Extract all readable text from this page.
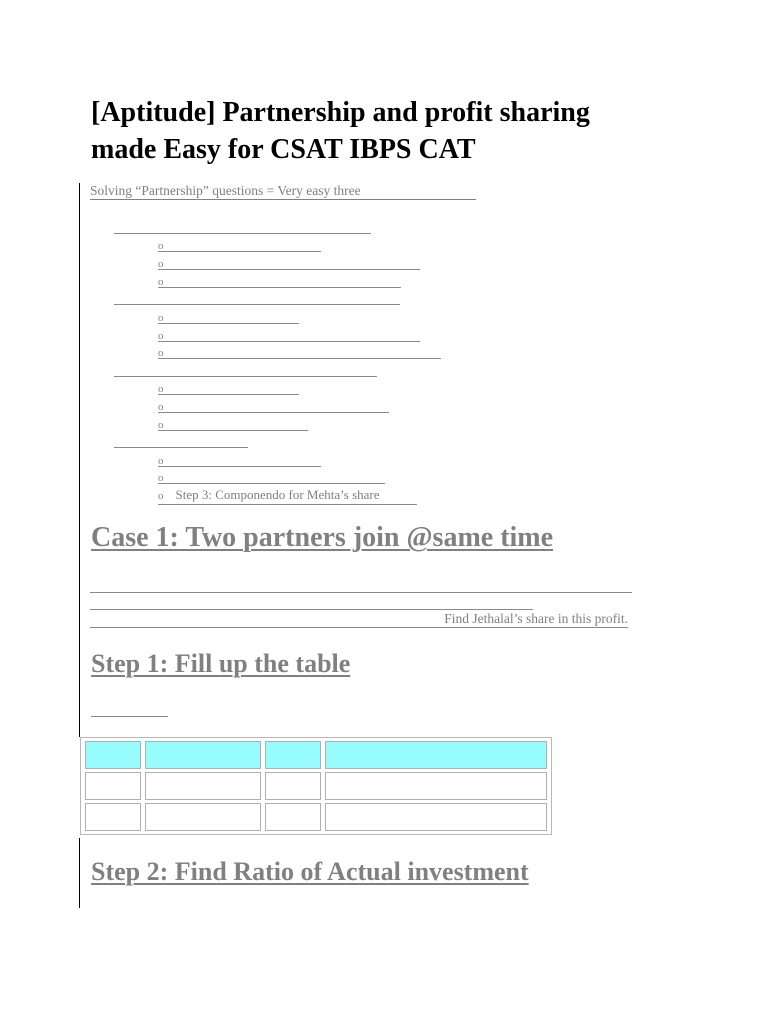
[Aptitude] Partnership and profit sharing made Easy for CSAT IBPS CAT
Solving “Partnership” questions = Very easy three
o
o
o
o
o
o
o
o
o
o
o
o Step 3: Componendo for Mehta’s share
Case 1: Two partners join @same time
Find Jethalal’s share in this profit.
Step 1: Fill up the table

Step 2: Find Ratio of Actual investment
